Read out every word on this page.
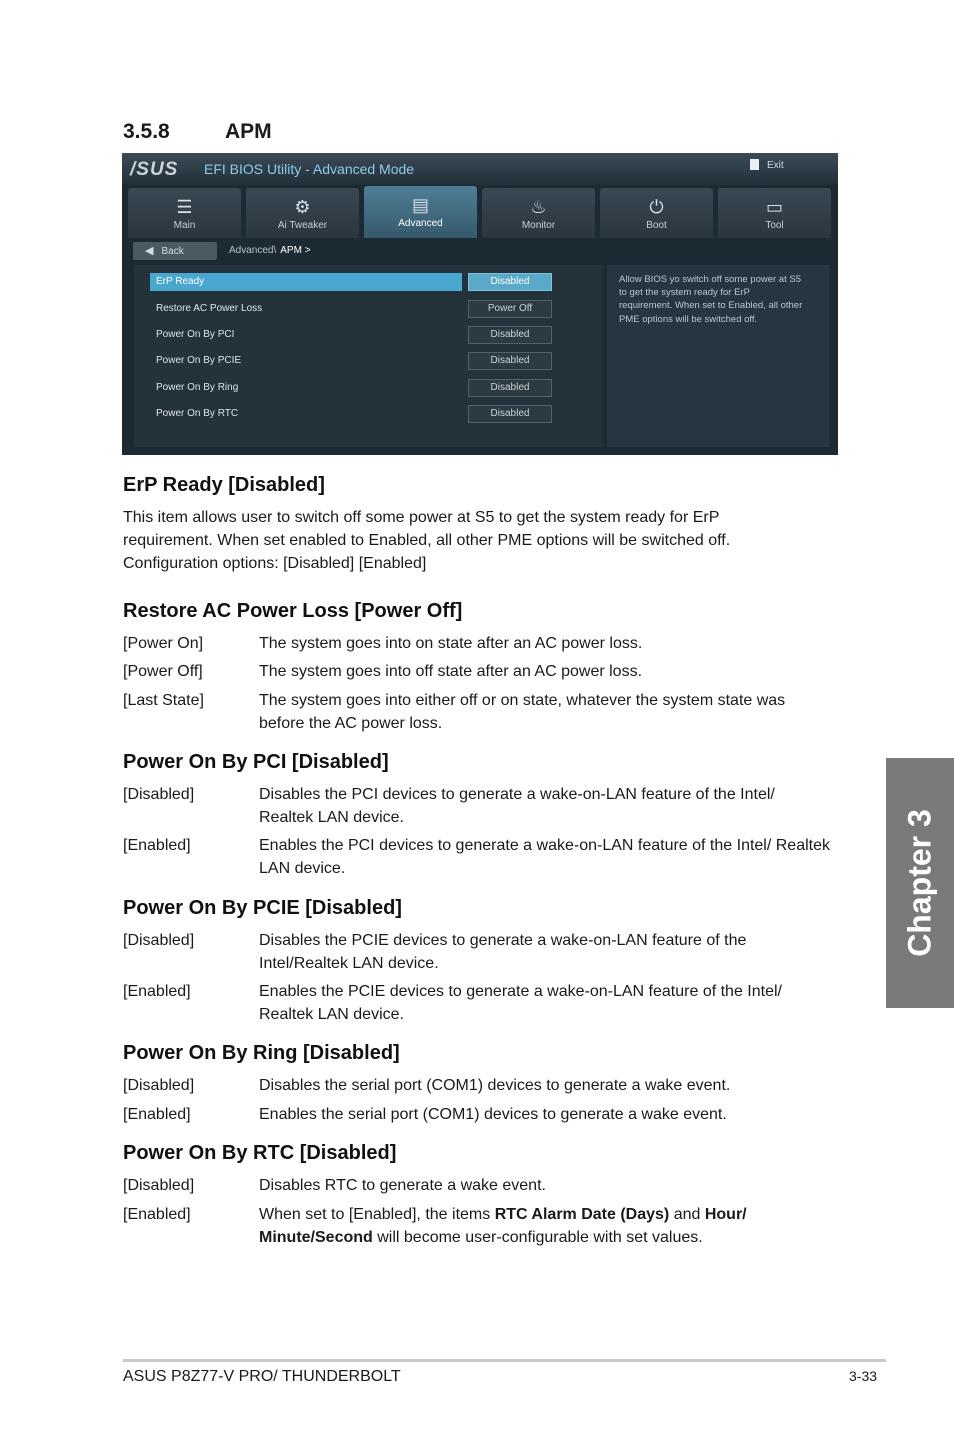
3.5.8	APM
/SUS EFI BIOS Utility - Advanced Mode	Exit
☰
Main
⚙
Ai Tweaker
▤
Advanced
♨
Monitor
⏻
Boot
▭
Tool
◀ Back	Advanced\ APM >
ErP Ready	Disabled
Restore AC Power Loss	Power Off
Power On By PCI	Disabled
Power On By PCIE	Disabled
Power On By Ring	Disabled
Power On By RTC	Disabled
Allow BIOS yo switch off some power at S5 to get the system ready for ErP requirement. When set to Enabled, all other PME options will be switched off.
ErP Ready [Disabled]
This item allows user to switch off some power at S5 to get the system ready for ErP
requirement. When set enabled to Enabled, all other PME options will be switched off.
Configuration options: [Disabled] [Enabled]
Restore AC Power Loss [Power Off]
[Power On]	The system goes into on state after an AC power loss.
[Power Off]	The system goes into off state after an AC power loss.
[Last State]	The system goes into either off or on state, whatever the system state was before the AC power loss.
Power On By PCI [Disabled]
[Disabled]	Disables the PCI devices to generate a wake-on-LAN feature of the Intel/ Realtek LAN device.
[Enabled]	Enables the PCI devices to generate a wake-on-LAN feature of the Intel/ Realtek LAN device.
Power On By PCIE [Disabled]
[Disabled]	Disables the PCIE devices to generate a wake-on-LAN feature of the Intel/Realtek LAN device.
[Enabled]	Enables the PCIE devices to generate a wake-on-LAN feature of the Intel/ Realtek LAN device.
Power On By Ring [Disabled]
[Disabled]	Disables the serial port (COM1) devices to generate a wake event.
[Enabled]	Enables the serial port (COM1) devices to generate a wake event.
Power On By RTC [Disabled]
[Disabled]	Disables RTC to generate a wake event.
[Enabled]	When set to [Enabled], the items RTC Alarm Date (Days) and Hour/ Minute/Second will become user-configurable with set values.
Chapter 3
ASUS P8Z77-V PRO/ THUNDERBOLT	3-33
